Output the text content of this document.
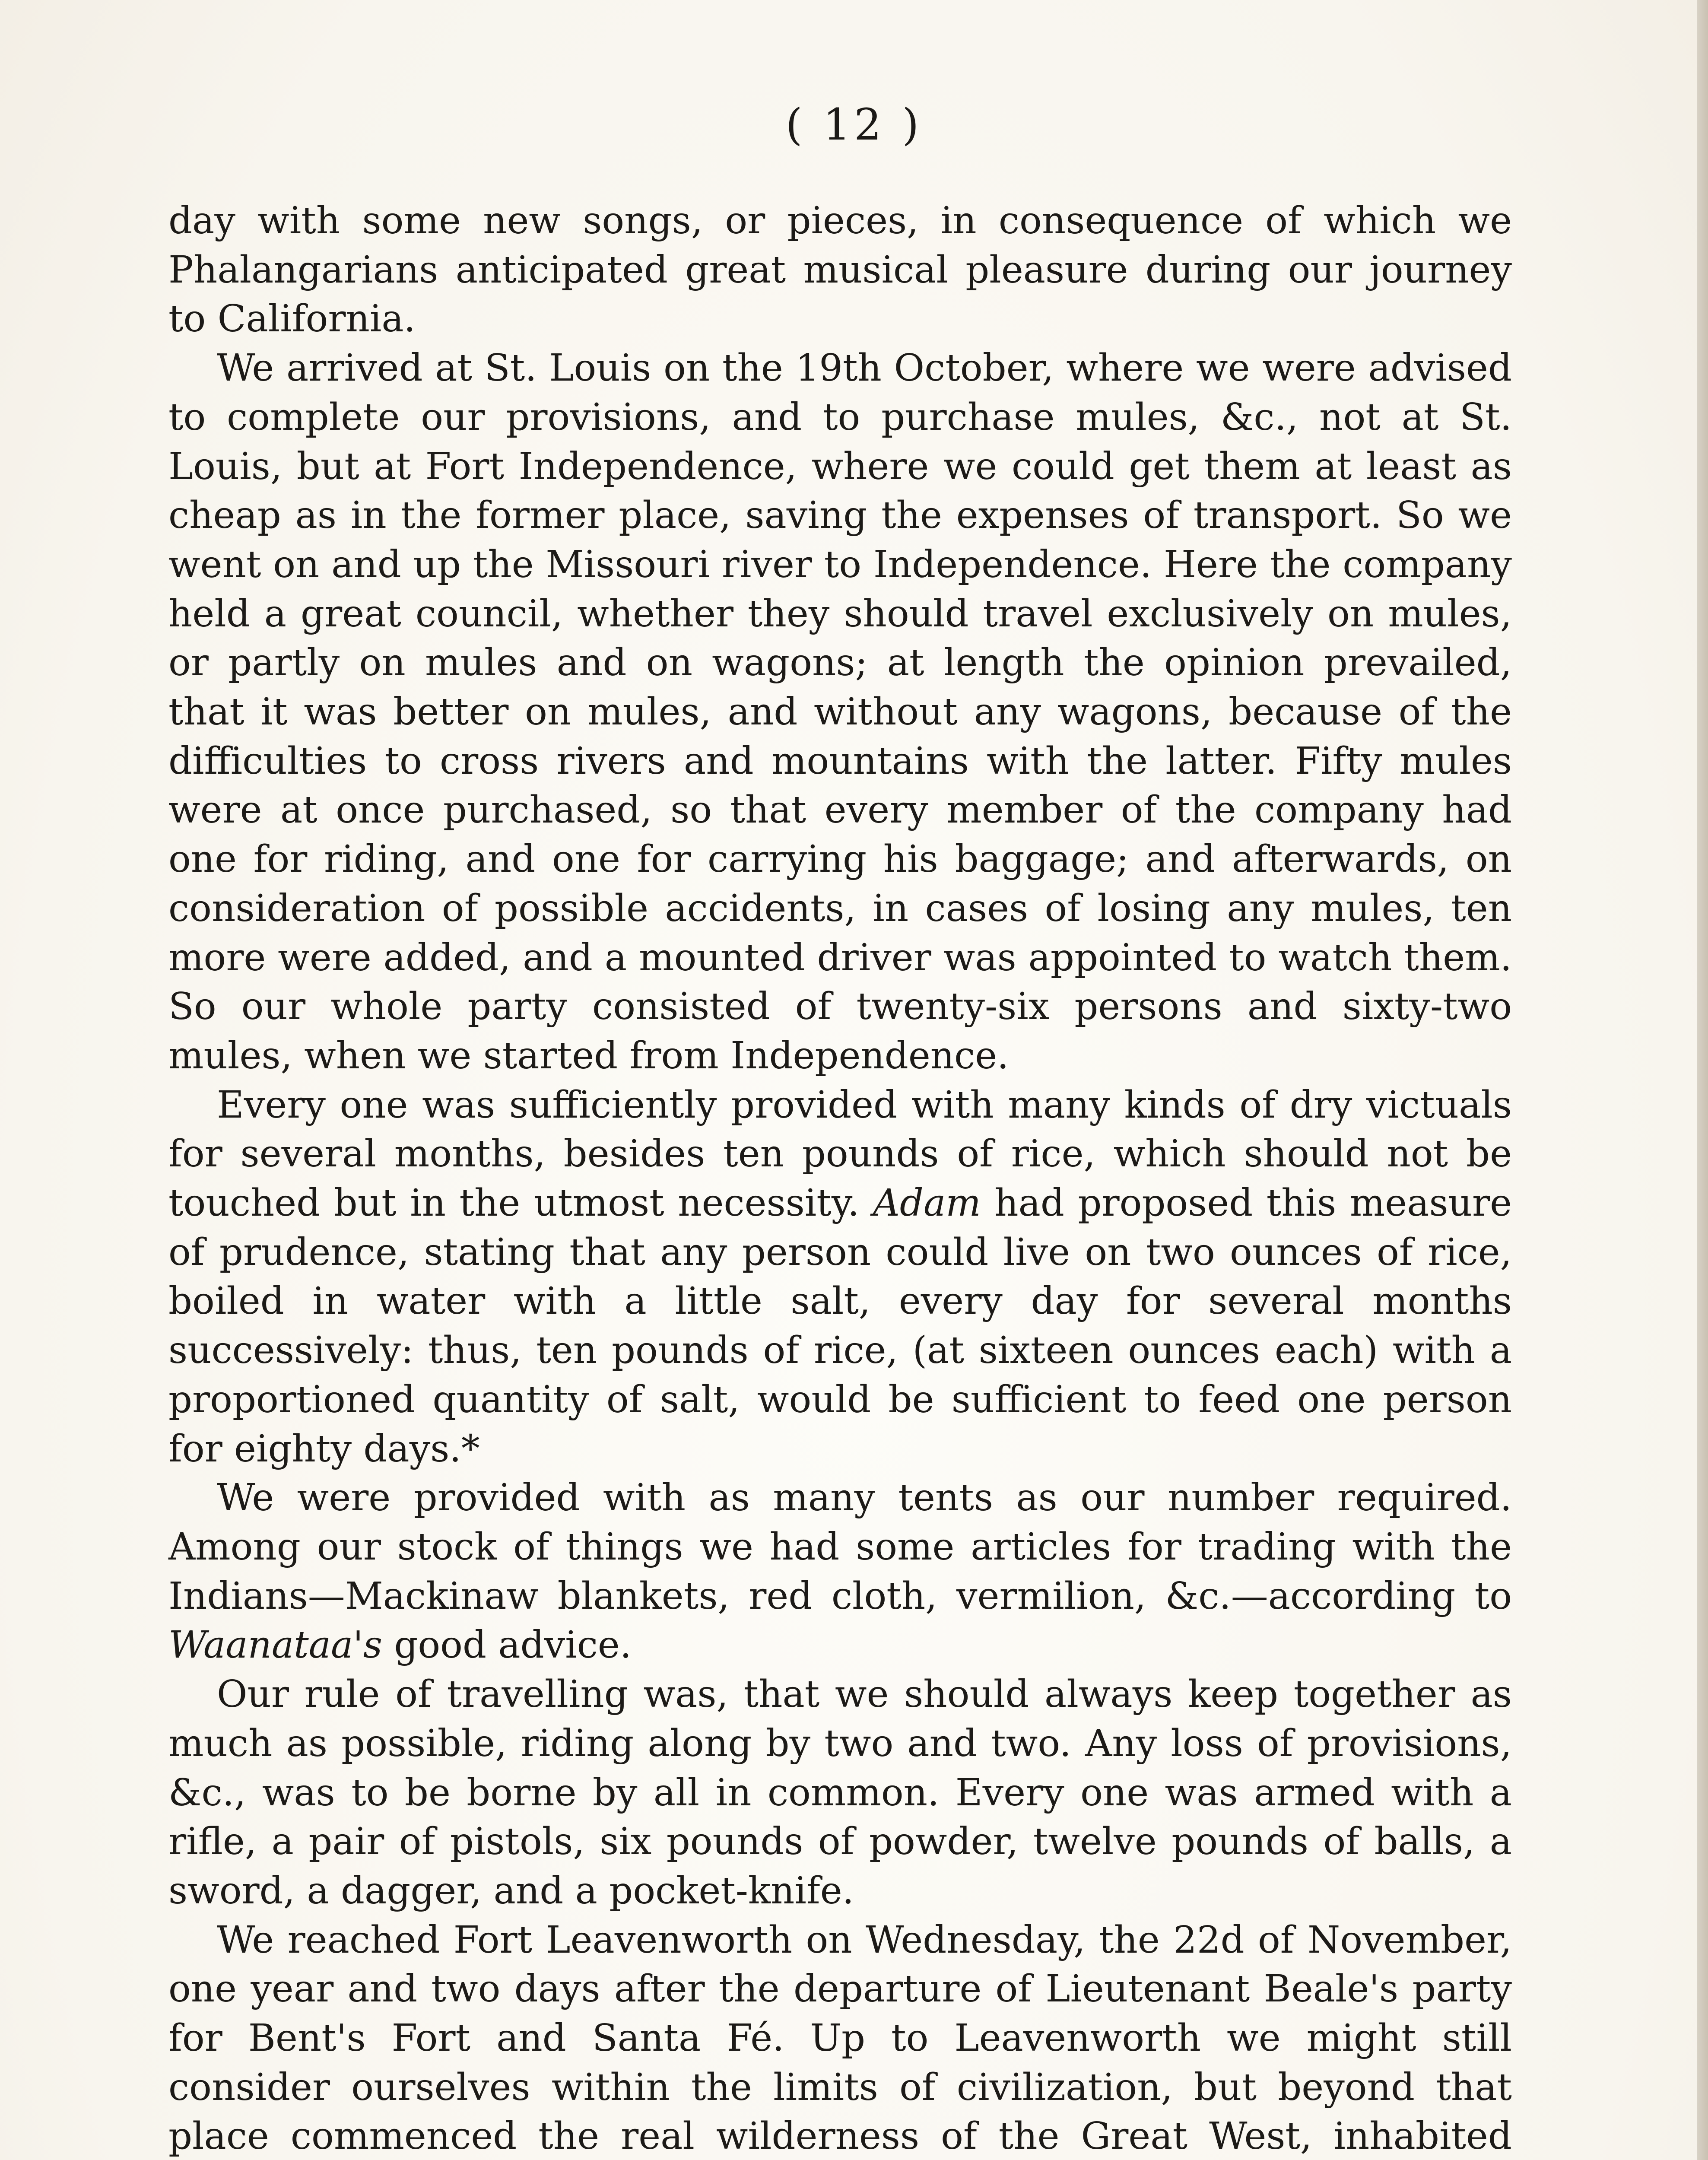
( 12 )

day with some new songs, or pieces, in consequence of which we Phalangarians anticipated great musical pleasure during our journey to California.

We arrived at St. Louis on the 19th October, where we were advised to complete our provisions, and to purchase mules, &c., not at St. Louis, but at Fort Independence, where we could get them at least as cheap as in the former place, saving the expenses of transport. So we went on and up the Missouri river to Independence. Here the company held a great council, whether they should travel exclusively on mules, or partly on mules and on wagons; at length the opinion prevailed, that it was better on mules, and without any wagons, because of the difficulties to cross rivers and mountains with the latter. Fifty mules were at once purchased, so that every member of the company had one for riding, and one for carrying his baggage; and afterwards, on consideration of possible accidents, in cases of losing any mules, ten more were added, and a mounted driver was appointed to watch them. So our whole party consisted of twenty-six persons and sixty-two mules, when we started from Independence.

Every one was sufficiently provided with many kinds of dry victuals for several months, besides ten pounds of rice, which should not be touched but in the utmost necessity. Adam had proposed this measure of prudence, stating that any person could live on two ounces of rice, boiled in water with a little salt, every day for several months successively: thus, ten pounds of rice, (at sixteen ounces each) with a proportioned quantity of salt, would be sufficient to feed one person for eighty days.*

We were provided with as many tents as our number required. Among our stock of things we had some articles for trading with the Indians—Mackinaw blankets, red cloth, vermilion, &c.—according to Waanataa's good advice.

Our rule of travelling was, that we should always keep together as much as possible, riding along by two and two. Any loss of provisions, &c., was to be borne by all in common. Every one was armed with a rifle, a pair of pistols, six pounds of powder, twelve pounds of balls, a sword, a dagger, and a pocket-knife.

We reached Fort Leavenworth on Wednesday, the 22d of November, one year and two days after the departure of Lieutenant Beale's party for Bent's Fort and Santa Fé. Up to Leavenworth we might still consider ourselves within the limits of civilization, but beyond that place commenced the real wilderness of the Great West, inhabited
